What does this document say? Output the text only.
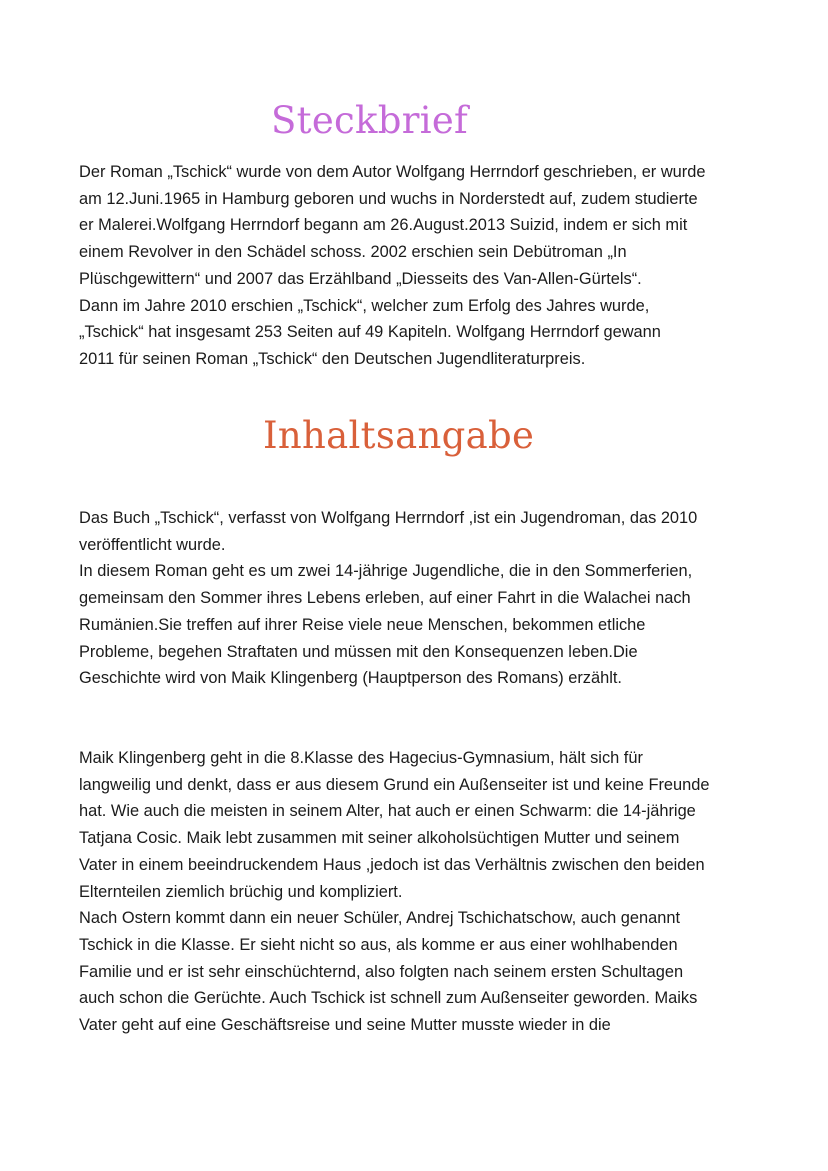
Steckbrief

Der Roman „Tschick“ wurde von dem Autor Wolfgang Herrndorf geschrieben, er wurde
am 12.Juni.1965 in Hamburg geboren und wuchs in Norderstedt auf, zudem studierte
er Malerei.Wolfgang Herrndorf begann am 26.August.2013 Suizid, indem er sich mit
einem Revolver in den Schädel schoss. 2002 erschien sein Debütroman „In
Plüschgewittern“ und 2007 das Erzählband „Diesseits des Van-Allen-Gürtels“.
Dann im Jahre 2010 erschien „Tschick“, welcher zum Erfolg des Jahres wurde,
„Tschick“ hat insgesamt 253 Seiten auf 49 Kapiteln. Wolfgang Herrndorf gewann
2011 für seinen Roman „Tschick“ den Deutschen Jugendliteraturpreis.

Inhaltsangabe

Das Buch „Tschick“, verfasst von Wolfgang Herrndorf ,ist ein Jugendroman, das 2010
veröffentlicht wurde.
In diesem Roman geht es um zwei 14-jährige Jugendliche, die in den Sommerferien,
gemeinsam den Sommer ihres Lebens erleben, auf einer Fahrt in die Walachei nach
Rumänien.Sie treffen auf ihrer Reise viele neue Menschen, bekommen etliche
Probleme, begehen Straftaten und müssen mit den Konsequenzen leben.Die
Geschichte wird von Maik Klingenberg (Hauptperson des Romans) erzählt.

Maik Klingenberg geht in die 8.Klasse des Hagecius-Gymnasium, hält sich für
langweilig und denkt, dass er aus diesem Grund ein Außenseiter ist und keine Freunde
hat. Wie auch die meisten in seinem Alter, hat auch er einen Schwarm: die 14-jährige
Tatjana Cosic. Maik lebt zusammen mit seiner alkoholsüchtigen Mutter und seinem
Vater in einem beeindruckendem Haus ,jedoch ist das Verhältnis zwischen den beiden
Elternteilen ziemlich brüchig und kompliziert.
Nach Ostern kommt dann ein neuer Schüler, Andrej Tschichatschow, auch genannt
Tschick in die Klasse. Er sieht nicht so aus, als komme er aus einer wohlhabenden
Familie und er ist sehr einschüchternd, also folgten nach seinem ersten Schultagen
auch schon die Gerüchte. Auch Tschick ist schnell zum Außenseiter geworden. Maiks
Vater geht auf eine Geschäftsreise und seine Mutter musste wieder in die
